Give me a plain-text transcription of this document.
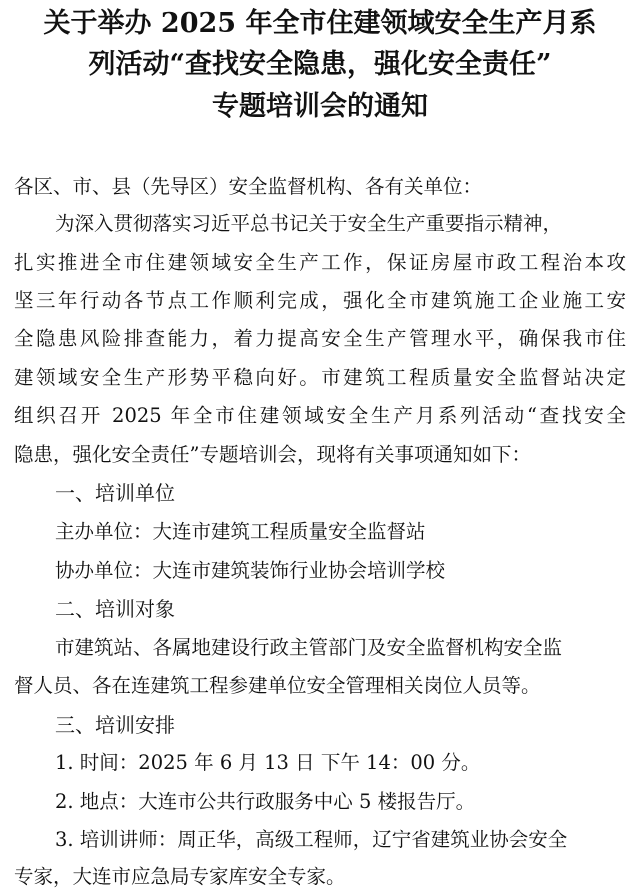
关于举办 2025 年全市住建领域安全生产月系
列活动“查找安全隐患，强化安全责任”
专题培训会的通知
各区、市、县（先导区）安全监督机构、各有关单位：
为深入贯彻落实习近平总书记关于安全生产重要指示精神，
扎实推进全市住建领域安全生产工作，保证房屋市政工程治本攻
坚三年行动各节点工作顺利完成，强化全市建筑施工企业施工安
全隐患风险排查能力，着力提高安全生产管理水平，确保我市住
建领域安全生产形势平稳向好。市建筑工程质量安全监督站决定
组织召开 2025 年全市住建领域安全生产月系列活动“查找安全
隐患，强化安全责任”专题培训会，现将有关事项通知如下：
一、培训单位
主办单位：大连市建筑工程质量安全监督站
协办单位：大连市建筑装饰行业协会培训学校
二、培训对象
市建筑站、各属地建设行政主管部门及安全监督机构安全监
督人员、各在连建筑工程参建单位安全管理相关岗位人员等。
三、培训安排
1. 时间：2025 年 6 月 13 日 下午 14：00 分。
2. 地点：大连市公共行政服务中心 5 楼报告厅。
3. 培训讲师：周正华，高级工程师，辽宁省建筑业协会安全
专家，大连市应急局专家库安全专家。
